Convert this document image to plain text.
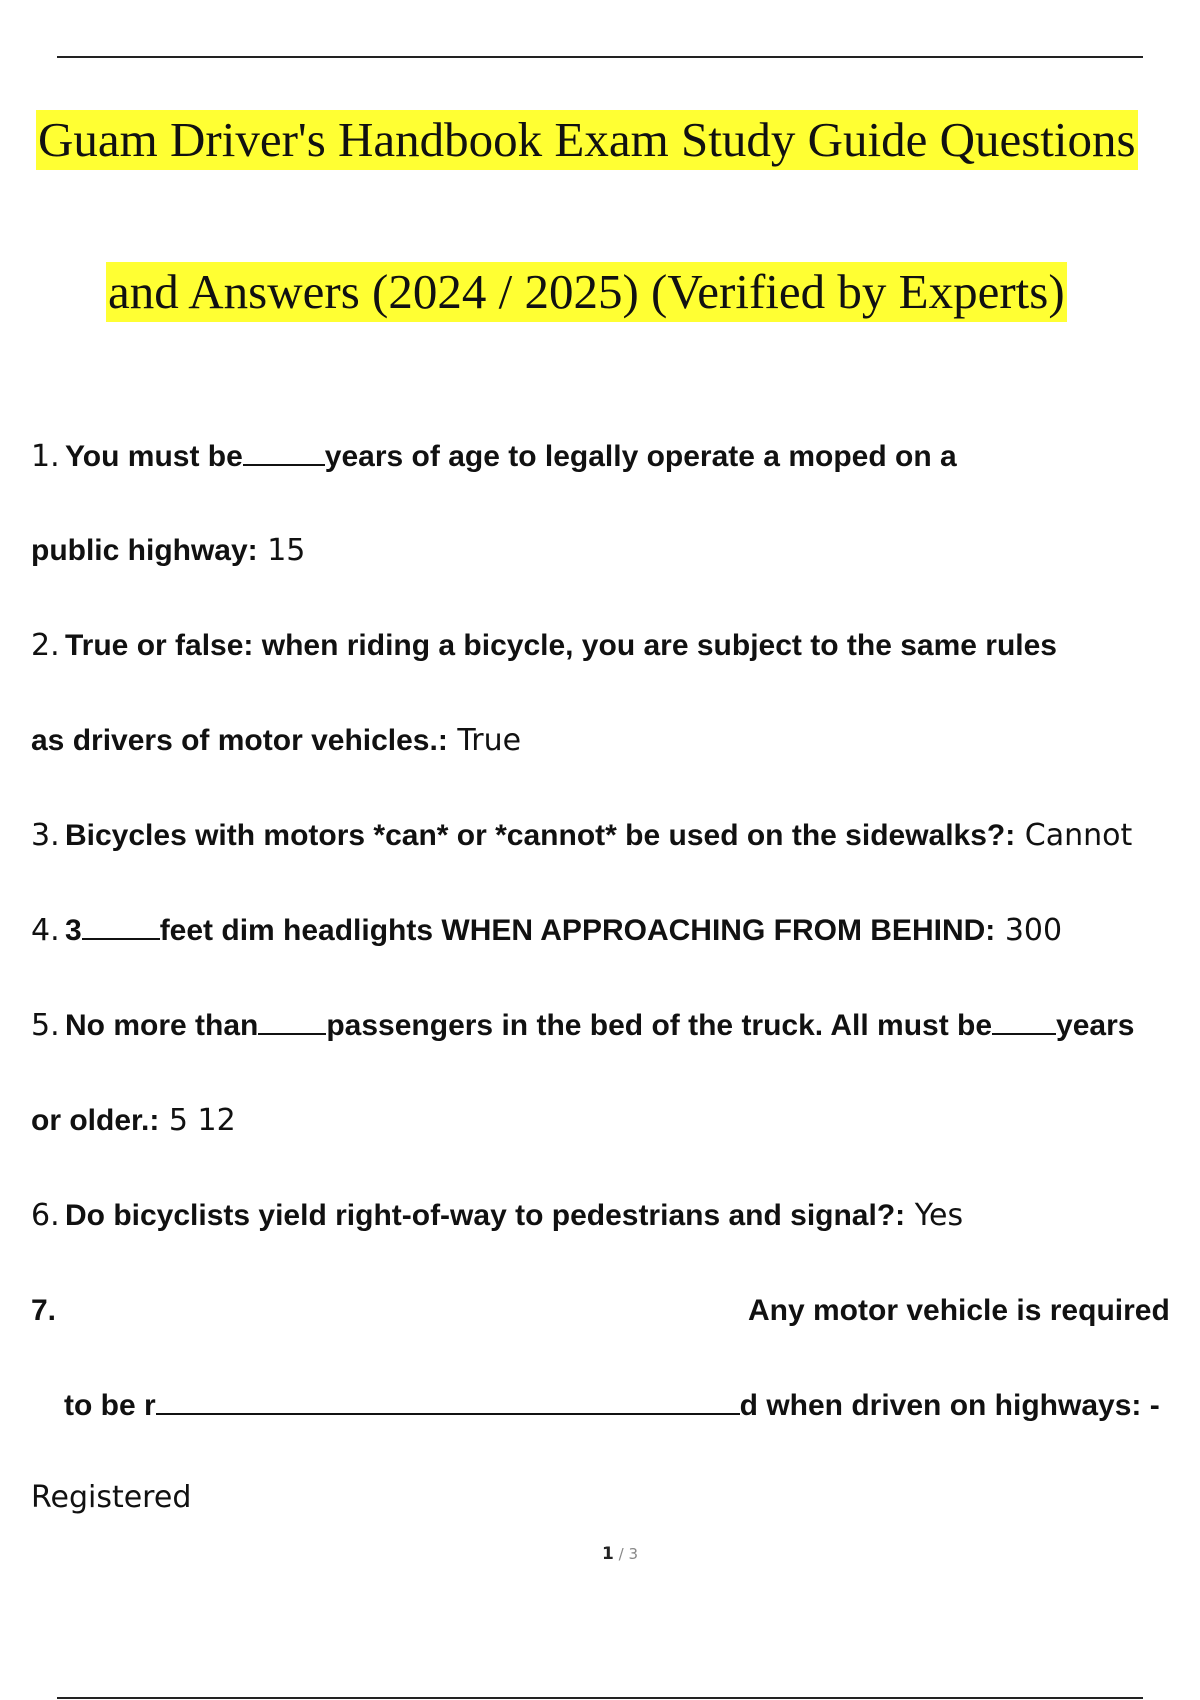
Guam Driver's Handbook Exam Study Guide Questions
and Answers (2024 / 2025) (Verified by Experts)
1. You must be	years of age to legally operate a moped on a
public highway: 15
2. True or false: when riding a bicycle, you are subject to the same rules
as drivers of motor vehicles.: True
3. Bicycles with motors *can* or *cannot* be used on the sidewalks?: Cannot
4. 3	feet dim headlights WHEN APPROACHING FROM BEHIND: 300
5. No more than passengers in the bed of the truck. All must be years
or older.: 5 12
6. Do bicyclists yield right-of-way to pedestrians and signal?: Yes
7.	Any motor vehicle is required
to be r	d when driven on highways: -
Registered
1 / 3
